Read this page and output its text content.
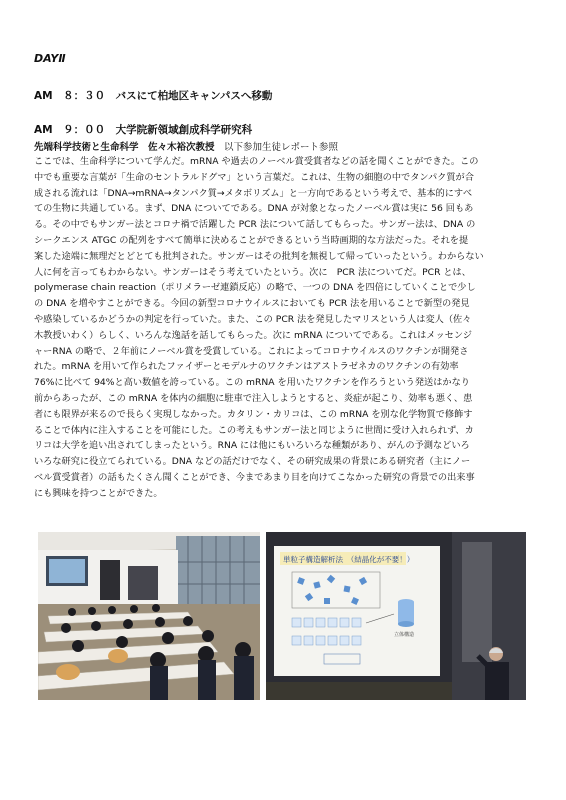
DAYⅡ
AM　８：３０　バスにて柏地区キャンパスへ移動
AM　９：００　大学院新領域創成科学研究科
先端科学技術と生命科学　佐々木裕次教授　 以下参加生徒レポート参照
ここでは、生命科学について学んだ。mRNA や過去のノーベル賞受賞者などの話を聞くことができた。この
中でも重要な言葉が「生命のセントラルドグマ」という言葉だ。これは、生物の細胞の中でタンパク質が合
成される流れは「DNA→mRNA→タンパク質→メタボリズム」と一方向であるという考えで、基本的にすべ
ての生物に共通している。まず、DNA についてである。DNA が対象となったノーベル賞は実に 56 回もあ
る。その中でもサンガー法とコロナ禍で活躍した PCR 法について話してもらった。サンガー法は、DNA の
シークエンス ATGC の配列をすべて簡単に決めることができるという当時画期的な方法だった。それを提
案した途端に無理だとどとても批判された。サンガーはその批判を無視して帰っていったという。わからない
人に何を言ってもわからない。サンガーはそう考えていたという。次に　PCR 法についてだ。PCR とは、
polymerase chain reaction（ポリメラーゼ連鎖反応）の略で、一つの DNA を四倍にしていくことで少し
の DNA を増やすことができる。今回の新型コロナウイルスにおいても PCR 法を用いることで新型の発見
や感染しているかどうかの判定を行っていた。また、この PCR 法を発見したマリスという人は変人（佐々
木教授いわく）らしく、いろんな逸話を話してもらった。次に mRNA についてである。これはメッセンジ
ャーRNA の略で、２年前にノーベル賞を受賞している。これによってコロナウイルスのワクチンが開発さ
れた。mRNA を用いて作られたファイザーとモデルナのワクチンはアストラゼネカのワクチンの有効率
76%に比べて 94%と高い数値を誇っている。この mRNA を用いたワクチンを作ろうという発送はかなり
前からあったが、この mRNA を体内の細胞に駐車で注入しようとすると、炎症が起こり、効率も悪く、患
者にも限界が来るので長らく実現しなかった。カタリン・カリコは、この mRNA を別な化学物質で修飾す
ることで体内に注入することを可能にした。この考えもサンガー法と同じように世間に受け入れられず、カ
リコは大学を追い出されてしまったという。RNA には他にもいろいろな種類があり、がんの予測などいろ
いろな研究に役立てられている。DNA などの話だけでなく、その研究成果の背景にある研究者（主にノー
ベル賞受賞者）の話もたくさん聞くことができ、今まであまり目を向けてこなかった研究の背景での出来事
にも興味を持つことができた。
単粒子構造解析法　（結晶化が不要！）
立体構造
